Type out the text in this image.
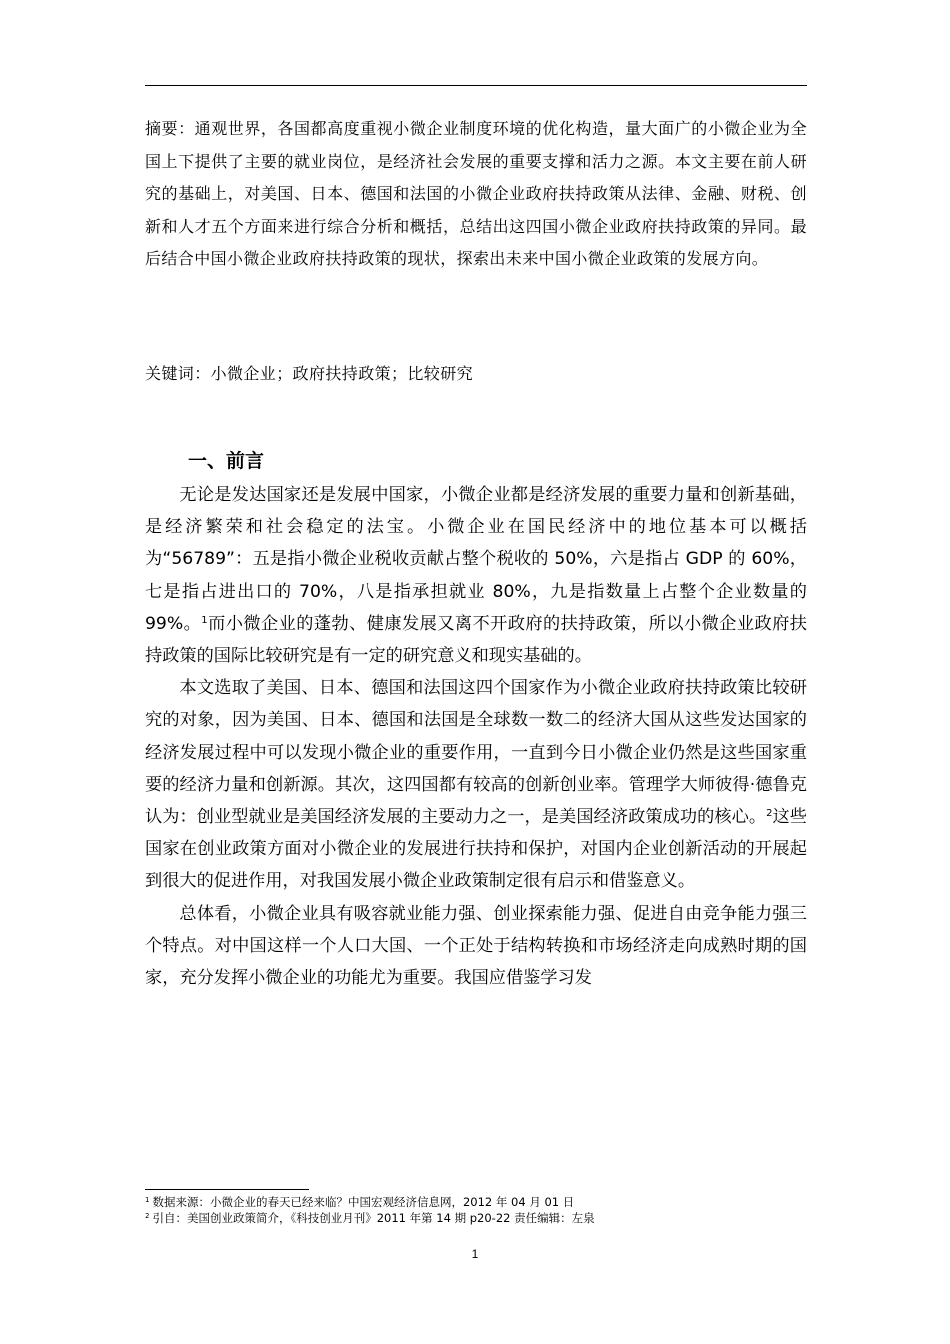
摘要：通观世界，各国都高度重视小微企业制度环境的优化构造，量大面广的小微企业为全国上下提供了主要的就业岗位，是经济社会发展的重要支撑和活力之源。本文主要在前人研究的基础上，对美国、日本、德国和法国的小微企业政府扶持政策从法律、金融、财税、创新和人才五个方面来进行综合分析和概括，总结出这四国小微企业政府扶持政策的异同。最后结合中国小微企业政府扶持政策的现状，探索出未来中国小微企业政策的发展方向。
关键词：小微企业；政府扶持政策；比较研究
一、前言

无论是发达国家还是发展中国家，小微企业都是经济发展的重要力量和创新基础，是经济繁荣和社会稳定的法宝。小微企业在国民经济中的地位基本可以概括为“56789”：五是指小微企业税收贡献占整个税收的 50%，六是指占 GDP 的 60%，七是指占进出口的 70%，八是指承担就业 80%，九是指数量上占整个企业数量的 99%。$^1$而小微企业的蓬勃、健康发展又离不开政府的扶持政策，所以小微企业政府扶持政策的国际比较研究是有一定的研究意义和现实基础的。

本文选取了美国、日本、德国和法国这四个国家作为小微企业政府扶持政策比较研究的对象，因为美国、日本、德国和法国是全球数一数二的经济大国从这些发达国家的经济发展过程中可以发现小微企业的重要作用，一直到今日小微企业仍然是这些国家重要的经济力量和创新源。其次，这四国都有较高的创新创业率。管理学大师彼得·德鲁克认为：创业型就业是美国经济发展的主要动力之一，是美国经济政策成功的核心。$^2$这些国家在创业政策方面对小微企业的发展进行扶持和保护，对国内企业创新活动的开展起到很大的促进作用，对我国发展小微企业政策制定很有启示和借鉴意义。

总体看，小微企业具有吸容就业能力强、创业探索能力强、促进自由竞争能力强三个特点。对中国这样一个人口大国、一个正处于结构转换和市场经济走向成熟时期的国家，充分发挥小微企业的功能尤为重要。我国应借鉴学习发

$^1$ 数据来源：小微企业的春天已经来临？中国宏观经济信息网，2012 年 04 月 01 日
$^2$ 引自：美国创业政策简介，《科技创业月刊》2011 年第 14 期 p20-22 责任编辑：左泉
1
